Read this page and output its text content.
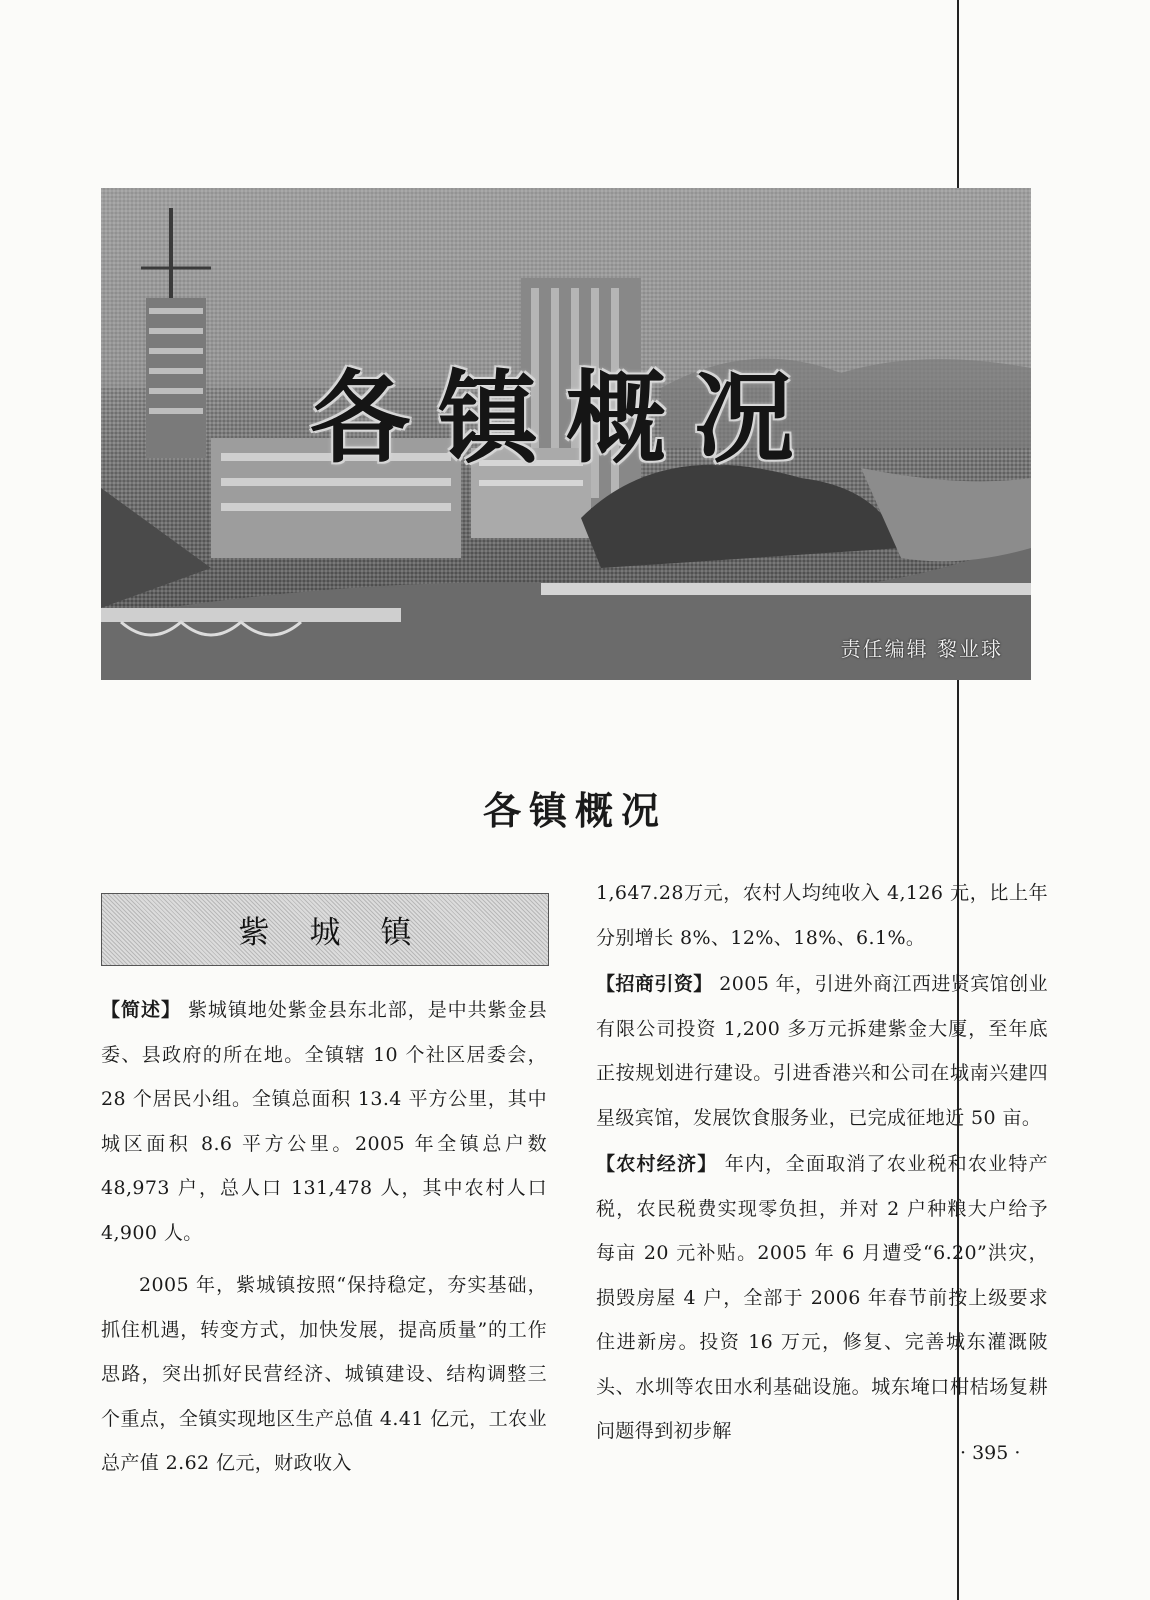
各镇概况
责任编辑 黎业球
各镇概况
紫城镇

【简述】 紫城镇地处紫金县东北部，是中共紫金县委、县政府的所在地。全镇辖 10 个社区居委会，28 个居民小组。全镇总面积 13.4 平方公里，其中城区面积 8.6 平方公里。2005 年全镇总户数 48,973 户，总人口 131,478 人，其中农村人口 4,900 人。

2005 年，紫城镇按照“保持稳定，夯实基础，抓住机遇，转变方式，加快发展，提高质量”的工作思路，突出抓好民营经济、城镇建设、结构调整三个重点，全镇实现地区生产总值 4.41 亿元，工农业总产值 2.62 亿元，财政收入

1,647.28万元，农村人均纯收入 4,126 元，比上年分别增长 8%、12%、18%、6.1%。

【招商引资】 2005 年，引进外商江西进贤宾馆创业有限公司投资 1,200 多万元拆建紫金大厦，至年底正按规划进行建设。引进香港兴和公司在城南兴建四星级宾馆，发展饮食服务业，已完成征地近 50 亩。

【农村经济】 年内，全面取消了农业税和农业特产税，农民税费实现零负担，并对 2 户种粮大户给予每亩 20 元补贴。2005 年 6 月遭受“6.20”洪灾，损毁房屋 4 户，全部于 2006 年春节前按上级要求住进新房。投资 16 万元，修复、完善城东灌溉陂头、水圳等农田水利基础设施。城东埯口柑桔场复耕问题得到初步解

· 395 ·
